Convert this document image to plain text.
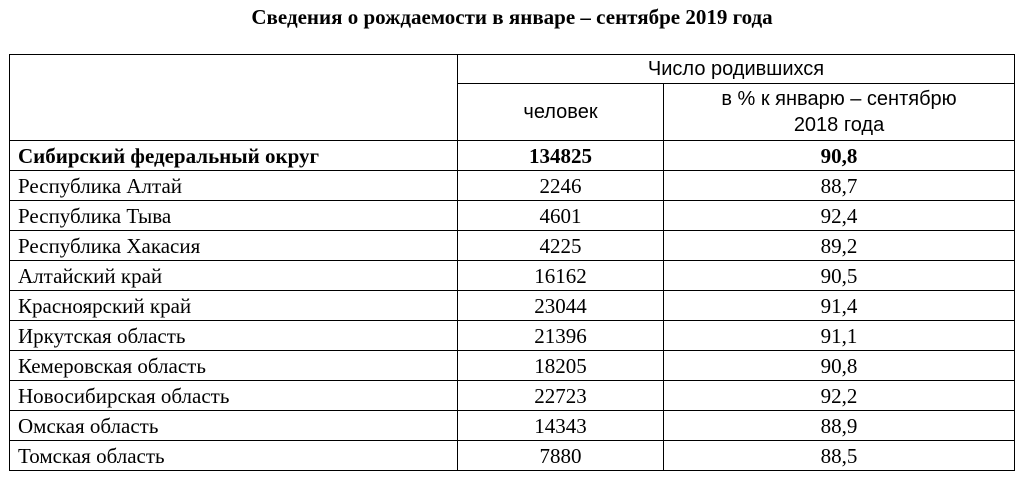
Сведения о рождаемости в январе – сентябре 2019 года
	Число родившихся	
	человек	в % к январю – сентябрю
2018 года

Сибирский федеральный округ	134825	90,8
Республика Алтай	2246	88,7
Республика Тыва	4601	92,4
Республика Хакасия	4225	89,2
Алтайский край	16162	90,5
Красноярский край	23044	91,4
Иркутская область	21396	91,1
Кемеровская область	18205	90,8
Новосибирская область	22723	92,2
Омская область	14343	88,9
Томская область	7880	88,5
